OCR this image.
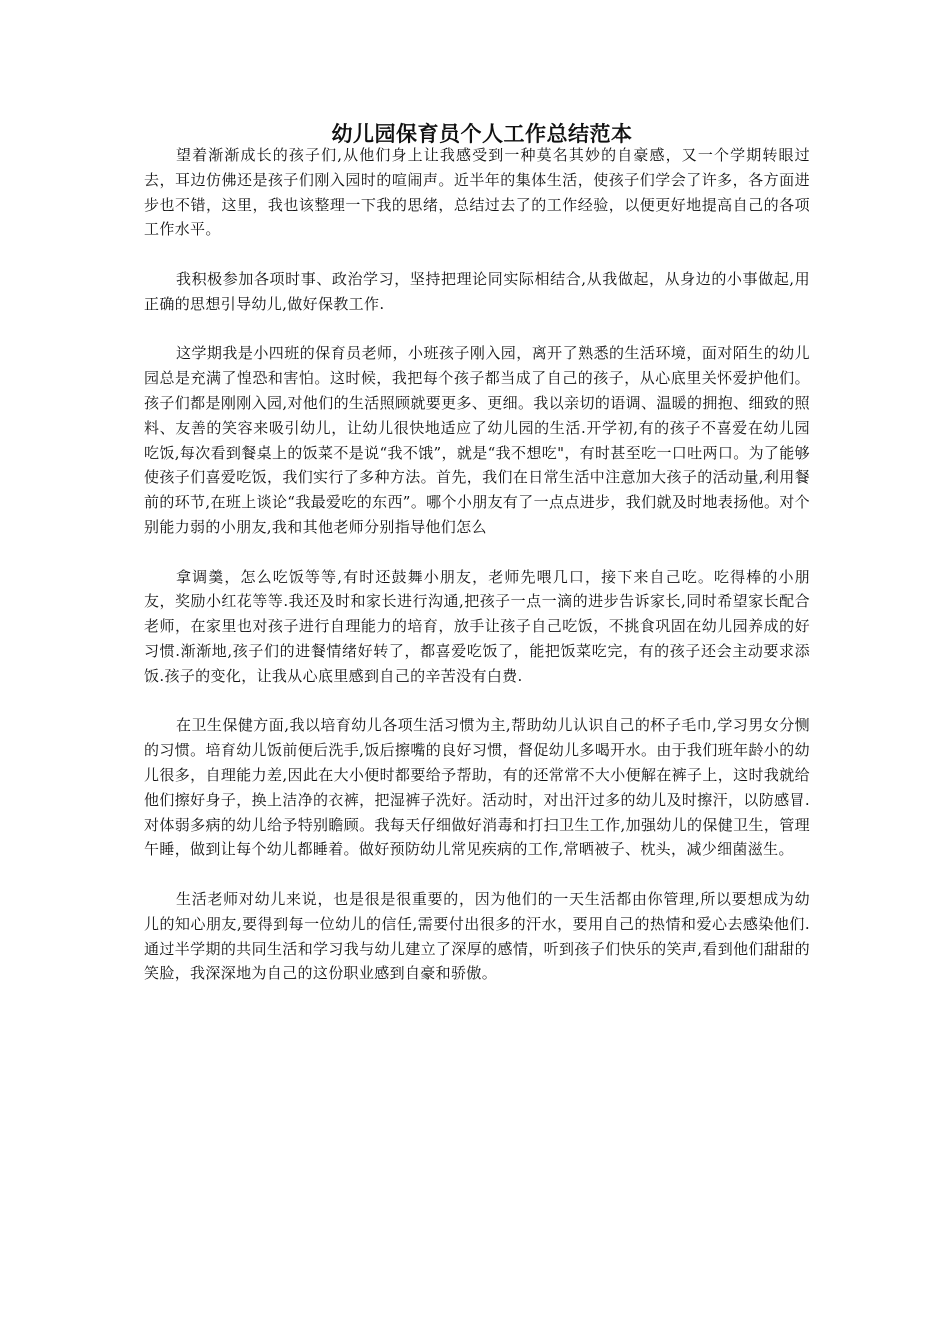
幼儿园保育员个人工作总结范本

望着渐渐成长的孩子们,从他们身上让我感受到一种莫名其妙的自豪感，又一个学期转眼过去，耳边仿佛还是孩子们刚入园时的喧闹声。近半年的集体生活，使孩子们学会了许多，各方面进步也不错，这里，我也该整理一下我的思绪，总结过去了的工作经验，以便更好地提高自己的各项工作水平。

我积极参加各项时事、政治学习，坚持把理论同实际相结合,从我做起，从身边的小事做起,用正确的思想引导幼儿,做好保教工作.

这学期我是小四班的保育员老师，小班孩子刚入园，离开了熟悉的生活环境，面对陌生的幼儿园总是充满了惶恐和害怕。这时候，我把每个孩子都当成了自己的孩子，从心底里关怀爱护他们。孩子们都是刚刚入园,对他们的生活照顾就要更多、更细。我以亲切的语调、温暖的拥抱、细致的照料、友善的笑容来吸引幼儿，让幼儿很快地适应了幼儿园的生活.开学初,有的孩子不喜爱在幼儿园吃饭,每次看到餐桌上的饭菜不是说“我不饿”，就是“我不想吃"，有时甚至吃一口吐两口。为了能够使孩子们喜爱吃饭，我们实行了多种方法。首先，我们在日常生活中注意加大孩子的活动量,利用餐前的环节,在班上谈论“我最爱吃的东西”。哪个小朋友有了一点点进步，我们就及时地表扬他。对个别能力弱的小朋友,我和其他老师分别指导他们怎么

拿调羹，怎么吃饭等等,有时还鼓舞小朋友，老师先喂几口，接下来自己吃。吃得棒的小朋友，奖励小红花等等.我还及时和家长进行沟通,把孩子一点一滴的进步告诉家长,同时希望家长配合老师，在家里也对孩子进行自理能力的培育，放手让孩子自己吃饭，不挑食巩固在幼儿园养成的好习惯.渐渐地,孩子们的进餐情绪好转了，都喜爱吃饭了，能把饭菜吃完，有的孩子还会主动要求添饭.孩子的变化，让我从心底里感到自己的辛苦没有白费.

在卫生保健方面,我以培育幼儿各项生活习惯为主,帮助幼儿认识自己的杯子毛巾,学习男女分恻的习惯。培育幼儿饭前便后洗手,饭后擦嘴的良好习惯，督促幼儿多喝开水。由于我们班年龄小的幼儿很多，自理能力差,因此在大小便时都要给予帮助，有的还常常不大小便解在裤子上，这时我就给他们擦好身子，换上洁净的衣裤，把湿裤子洗好。活动时，对出汗过多的幼儿及时擦汗，以防感冒.对体弱多病的幼儿给予特别瞻顾。我每天仔细做好消毒和打扫卫生工作,加强幼儿的保健卫生，管理午睡，做到让每个幼儿都睡着。做好预防幼儿常见疾病的工作,常晒被子、枕头，减少细菌滋生。

生活老师对幼儿来说，也是很是很重要的，因为他们的一天生活都由你管理,所以要想成为幼儿的知心朋友,要得到每一位幼儿的信任,需要付出很多的汗水，要用自己的热情和爱心去感染他们.通过半学期的共同生活和学习我与幼儿建立了深厚的感情，听到孩子们快乐的笑声,看到他们甜甜的笑脸，我深深地为自己的这份职业感到自豪和骄傲。
